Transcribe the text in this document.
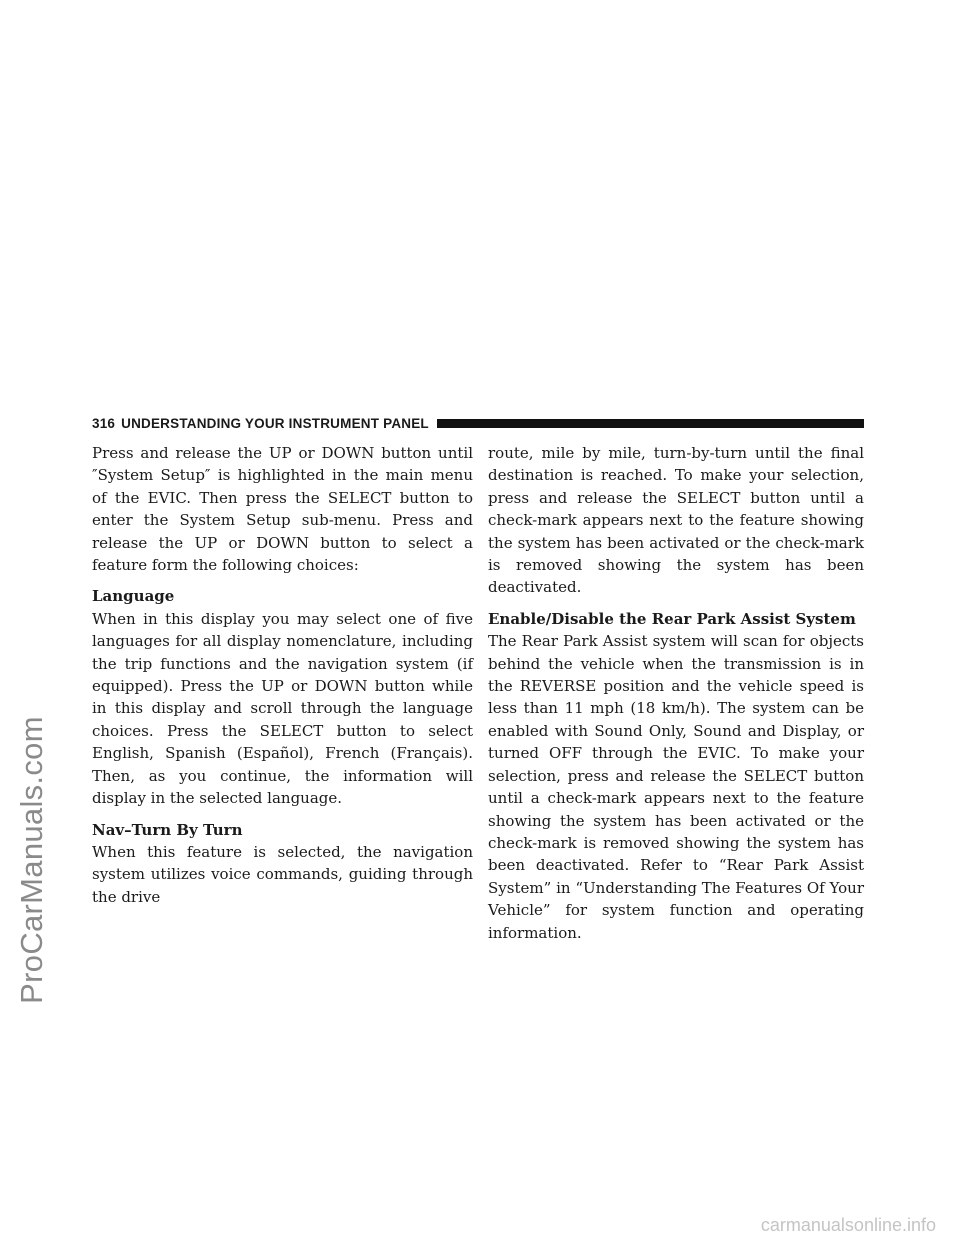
ProCarManuals.com
316 UNDERSTANDING YOUR INSTRUMENT PANEL

Press and release the UP or DOWN button until ″System Setup″ is highlighted in the main menu of the EVIC. Then press the SELECT button to enter the System Setup sub-menu. Press and release the UP or DOWN button to select a feature form the following choices:

Language

When in this display you may select one of five languages for all display nomenclature, including the trip functions and the navigation system (if equipped). Press the UP or DOWN button while in this display and scroll through the language choices. Press the SELECT button to select English, Spanish (Español), French (Français). Then, as you continue, the information will display in the selected language.

Nav–Turn By Turn

When this feature is selected, the navigation system utilizes voice commands, guiding through the drive

route, mile by mile, turn-by-turn until the final destination is reached. To make your selection, press and release the SELECT button until a check-mark appears next to the feature showing the system has been activated or the check-mark is removed showing the system has been deactivated.

Enable/Disable the Rear Park Assist System

The Rear Park Assist system will scan for objects behind the vehicle when the transmission is in the REVERSE position and the vehicle speed is less than 11 mph (18 km/h). The system can be enabled with Sound Only, Sound and Display, or turned OFF through the EVIC. To make your selection, press and release the SELECT button until a check-mark appears next to the feature showing the system has been activated or the check-mark is removed showing the system has been deactivated. Refer to “Rear Park Assist System” in “Understanding The Features Of Your Vehicle” for system function and operating information.

carmanualsonline.info
